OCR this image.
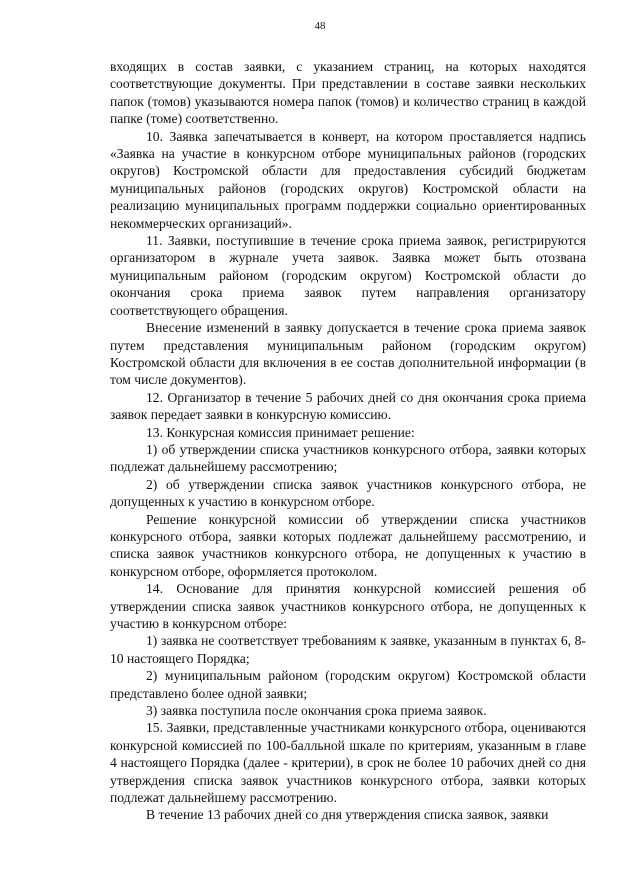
48

входящих в состав заявки, с указанием страниц, на которых находятся соответствующие документы. При представлении в составе заявки нескольких папок (томов) указываются номера папок (томов) и количество страниц в каждой папке (томе) соответственно.

10. Заявка запечатывается в конверт, на котором проставляется надпись «Заявка на участие в конкурсном отборе муниципальных районов (городских округов) Костромской области для предоставления субсидий бюджетам муниципальных районов (городских округов) Костромской области на реализацию муниципальных программ поддержки социально ориентированных некоммерческих организаций».

11. Заявки, поступившие в течение срока приема заявок, регистрируются организатором в журнале учета заявок. Заявка может быть отозвана муниципальным районом (городским округом) Костромской области до окончания срока приема заявок путем направления организатору соответствующего обращения.

Внесение изменений в заявку допускается в течение срока приема заявок путем представления муниципальным районом (городским округом) Костромской области для включения в ее состав дополнительной информации (в том числе документов).

12. Организатор в течение 5 рабочих дней со дня окончания срока приема заявок передает заявки в конкурсную комиссию.

13. Конкурсная комиссия принимает решение:

1) об утверждении списка участников конкурсного отбора, заявки которых подлежат дальнейшему рассмотрению;

2) об утверждении списка заявок участников конкурсного отбора, не допущенных к участию в конкурсном отборе.

Решение конкурсной комиссии об утверждении списка участников конкурсного отбора, заявки которых подлежат дальнейшему рассмотрению, и списка заявок участников конкурсного отбора, не допущенных к участию в конкурсном отборе, оформляется протоколом.

14. Основание для принятия конкурсной комиссией решения об утверждении списка заявок участников конкурсного отбора, не допущенных к участию в конкурсном отборе:

1) заявка не соответствует требованиям к заявке, указанным в пунктах 6, 8-10 настоящего Порядка;

2) муниципальным районом (городским округом) Костромской области представлено более одной заявки;

3) заявка поступила после окончания срока приема заявок.

15. Заявки, представленные участниками конкурсного отбора, оцениваются конкурсной комиссией по 100-балльной шкале по критериям, указанным в главе 4 настоящего Порядка (далее - критерии), в срок не более 10 рабочих дней со дня утверждения списка заявок участников конкурсного отбора, заявки которых подлежат дальнейшему рассмотрению.

В течение 13 рабочих дней со дня утверждения списка заявок, заявки
